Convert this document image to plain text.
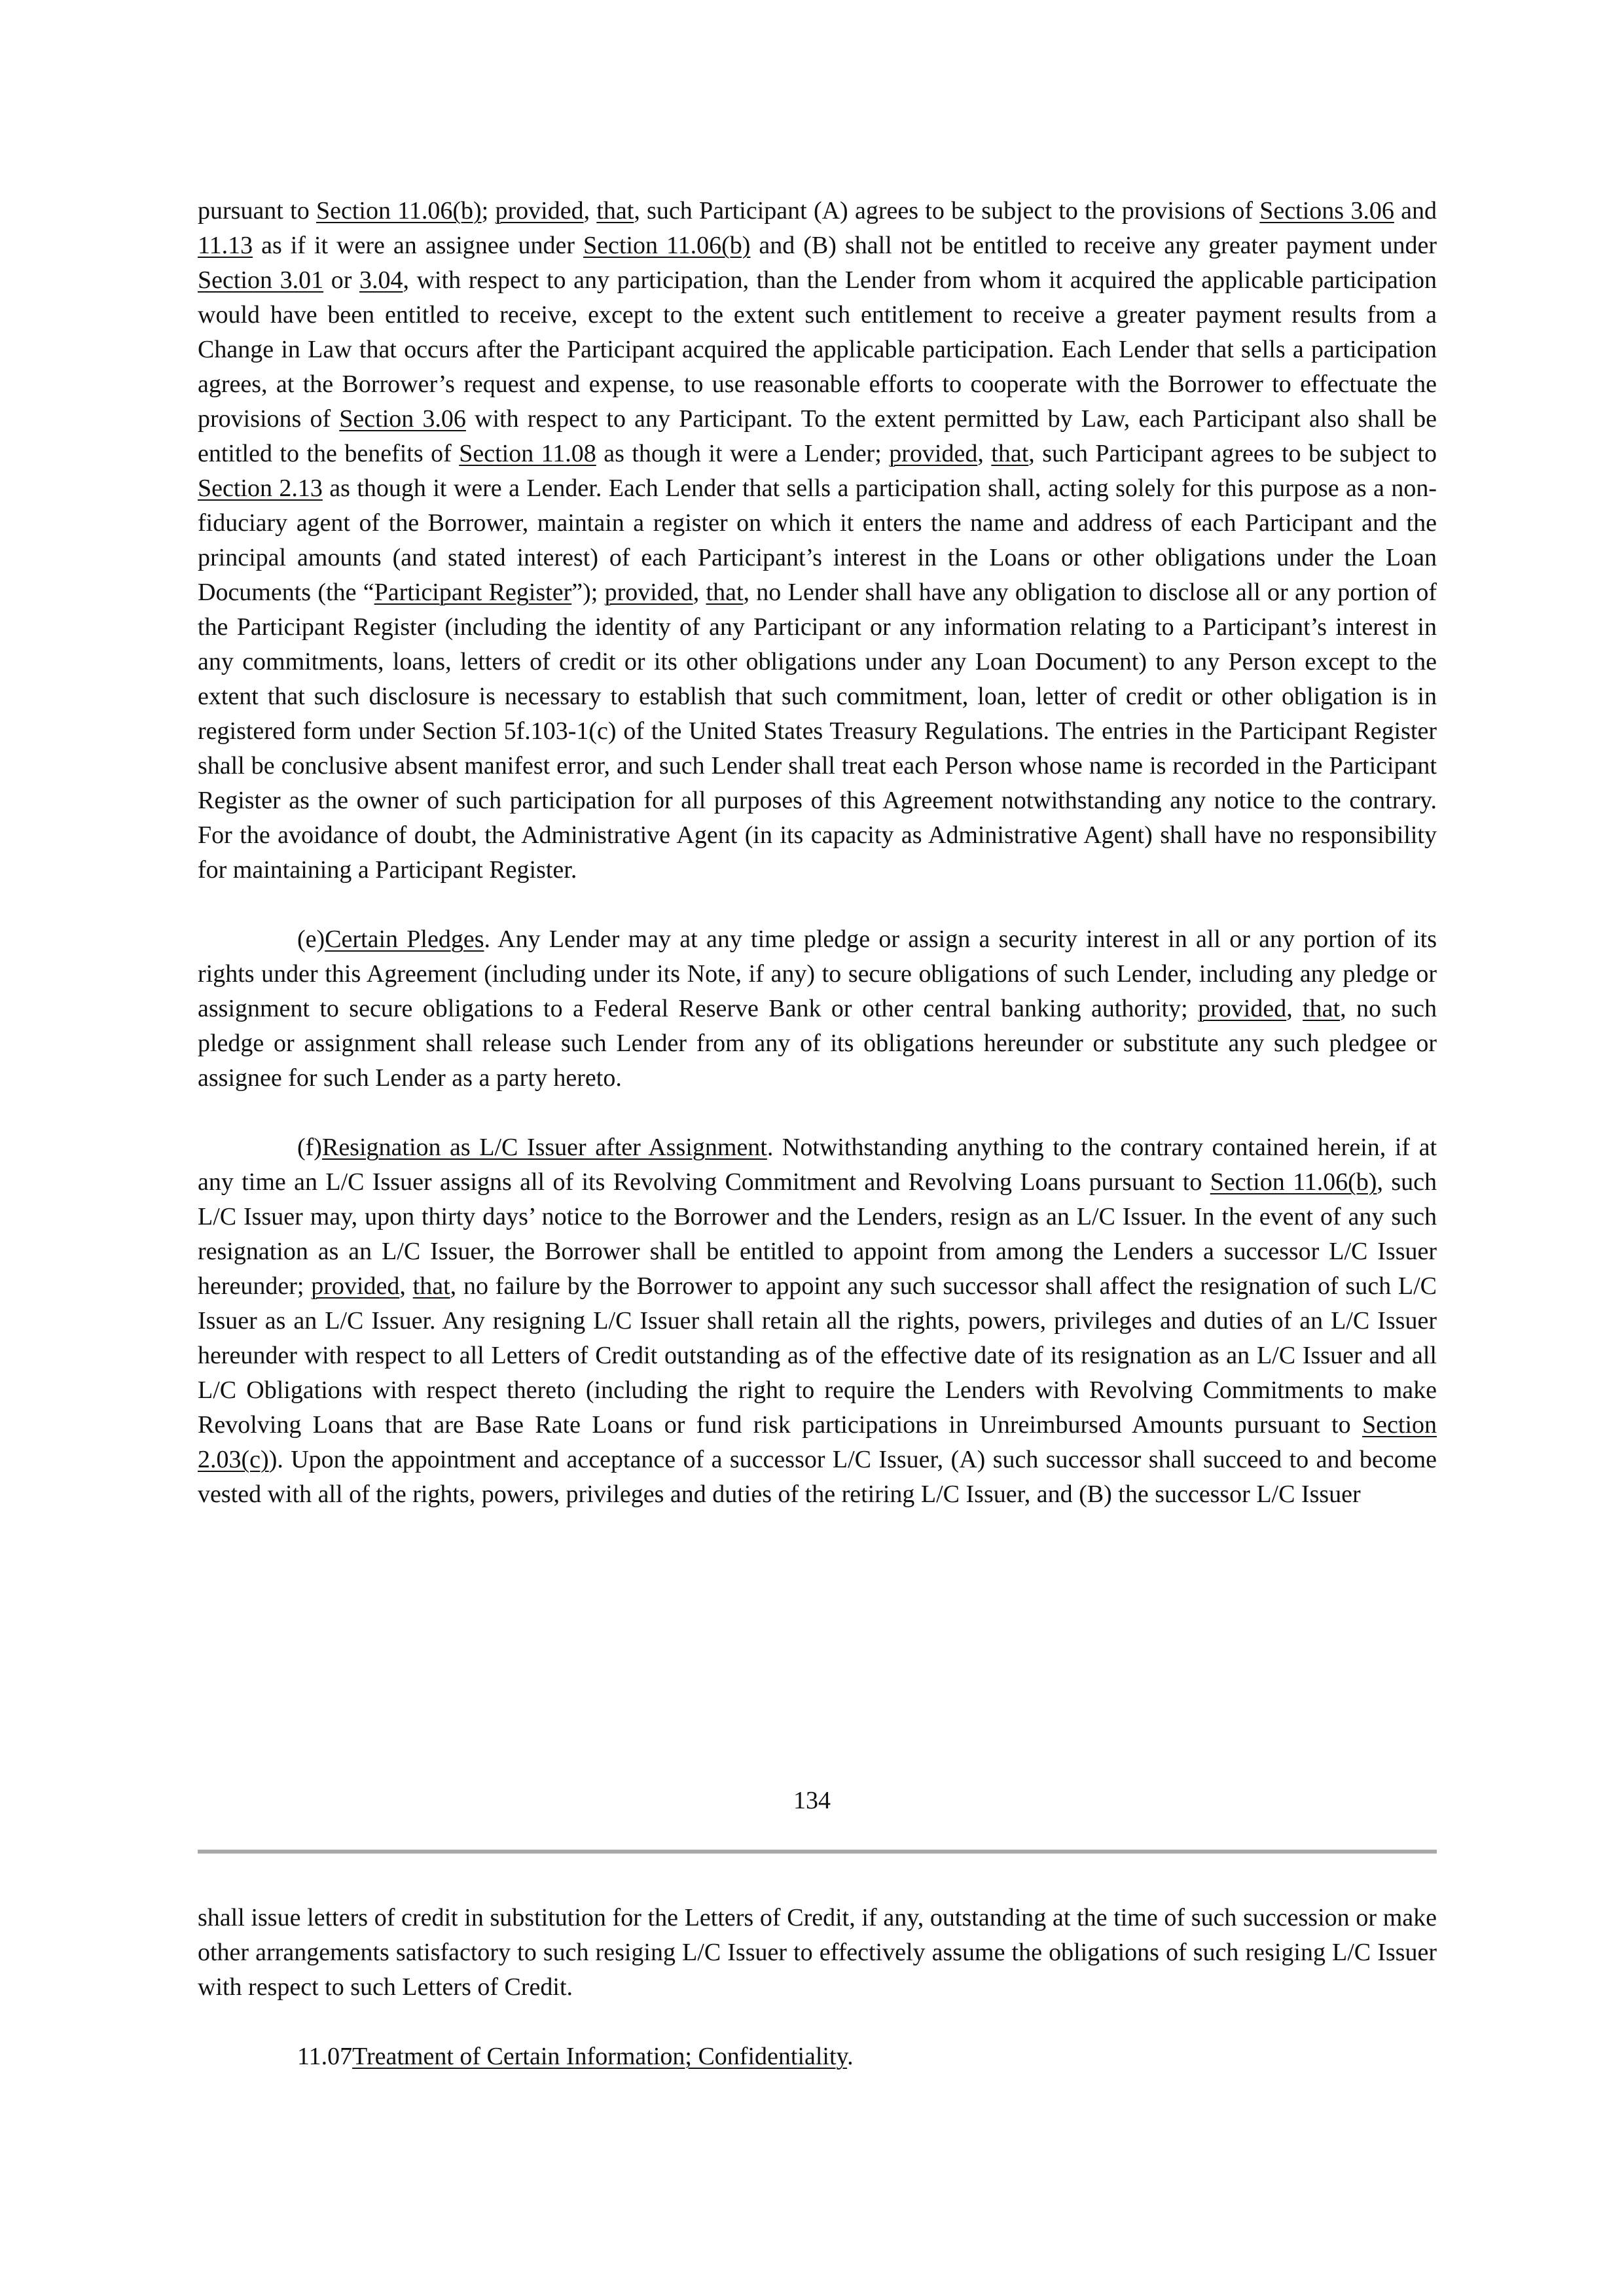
pursuant to Section 11.06(b); provided, that, such Participant (A) agrees to be subject to the provisions of Sections 3.06 and 11.13 as if it were an assignee under Section 11.06(b) and (B) shall not be entitled to receive any greater payment under Section 3.01 or 3.04, with respect to any participation, than the Lender from whom it acquired the applicable participation would have been entitled to receive, except to the extent such entitlement to receive a greater payment results from a Change in Law that occurs after the Participant acquired the applicable participation. Each Lender that sells a participation agrees, at the Borrower’s request and expense, to use reasonable efforts to cooperate with the Borrower to effectuate the provisions of Section 3.06 with respect to any Participant. To the extent permitted by Law, each Participant also shall be entitled to the benefits of Section 11.08 as though it were a Lender; provided, that, such Participant agrees to be subject to Section 2.13 as though it were a Lender. Each Lender that sells a participation shall, acting solely for this purpose as a non-fiduciary agent of the Borrower, maintain a register on which it enters the name and address of each Participant and the principal amounts (and stated interest) of each Participant’s interest in the Loans or other obligations under the Loan Documents (the “Participant Register”); provided, that, no Lender shall have any obligation to disclose all or any portion of the Participant Register (including the identity of any Participant or any information relating to a Participant’s interest in any commitments, loans, letters of credit or its other obligations under any Loan Document) to any Person except to the extent that such disclosure is necessary to establish that such commitment, loan, letter of credit or other obligation is in registered form under Section 5f.103-1(c) of the United States Treasury Regulations. The entries in the Participant Register shall be conclusive absent manifest error, and such Lender shall treat each Person whose name is recorded in the Participant Register as the owner of such participation for all purposes of this Agreement notwithstanding any notice to the contrary. For the avoidance of doubt, the Administrative Agent (in its capacity as Administrative Agent) shall have no responsibility for maintaining a Participant Register.

(e)Certain Pledges. Any Lender may at any time pledge or assign a security interest in all or any portion of its rights under this Agreement (including under its Note, if any) to secure obligations of such Lender, including any pledge or assignment to secure obligations to a Federal Reserve Bank or other central banking authority; provided, that, no such pledge or assignment shall release such Lender from any of its obligations hereunder or substitute any such pledgee or assignee for such Lender as a party hereto.

(f)Resignation as L/C Issuer after Assignment. Notwithstanding anything to the contrary contained herein, if at any time an L/C Issuer assigns all of its Revolving Commitment and Revolving Loans pursuant to Section 11.06(b), such L/C Issuer may, upon thirty days’ notice to the Borrower and the Lenders, resign as an L/C Issuer. In the event of any such resignation as an L/C Issuer, the Borrower shall be entitled to appoint from among the Lenders a successor L/C Issuer hereunder; provided, that, no failure by the Borrower to appoint any such successor shall affect the resignation of such L/C Issuer as an L/C Issuer. Any resigning L/C Issuer shall retain all the rights, powers, privileges and duties of an L/C Issuer hereunder with respect to all Letters of Credit outstanding as of the effective date of its resignation as an L/C Issuer and all L/C Obligations with respect thereto (including the right to require the Lenders with Revolving Commitments to make Revolving Loans that are Base Rate Loans or fund risk participations in Unreimbursed Amounts pursuant to Section 2.03(c)). Upon the appointment and acceptance of a successor L/C Issuer, (A) such successor shall succeed to and become vested with all of the rights, powers, privileges and duties of the retiring L/C Issuer, and (B) the successor L/C Issuer

134

shall issue letters of credit in substitution for the Letters of Credit, if any, outstanding at the time of such succession or make other arrangements satisfactory to such resiging L/C Issuer to effectively assume the obligations of such resiging L/C Issuer with respect to such Letters of Credit.

11.07Treatment of Certain Information; Confidentiality.
